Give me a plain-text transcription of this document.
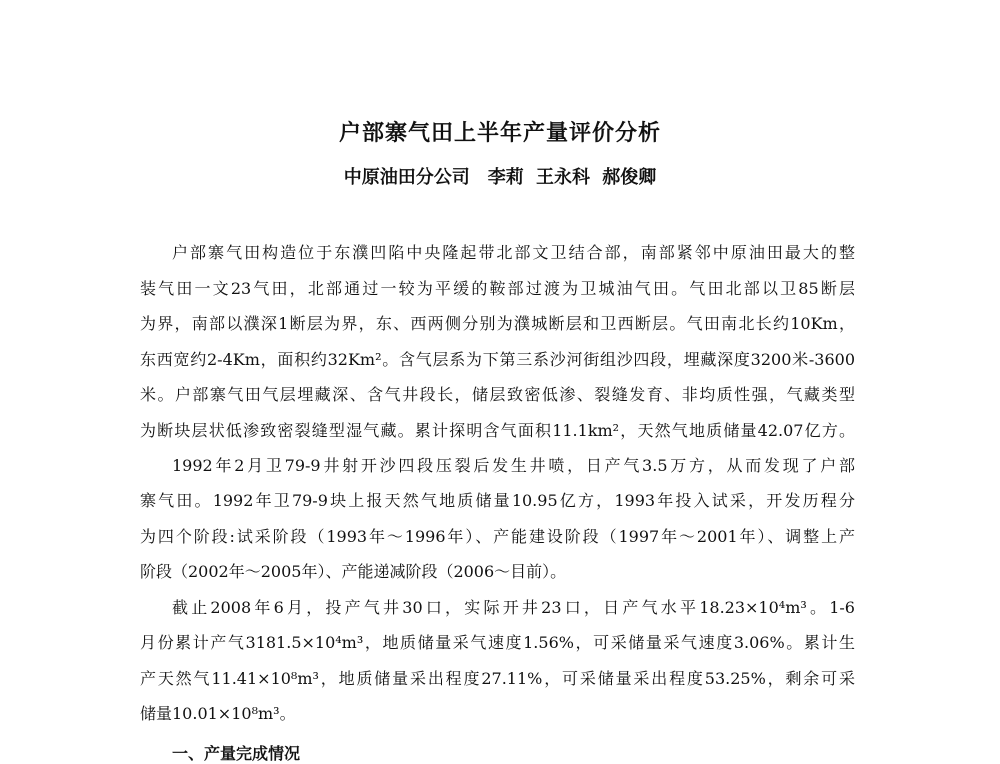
户部寨气田上半年产量评价分析
中原油田分公司　李莉 王永科 郝俊卿
户部寨气田构造位于东濮凹陷中央隆起带北部文卫结合部，南部紧邻中原油田最大的整
装气田一文23气田，北部通过一较为平缓的鞍部过渡为卫城油气田。气田北部以卫85断层
为界，南部以濮深1断层为界，东、西两侧分别为濮城断层和卫西断层。气田南北长约10Km，
东西宽约2-4Km，面积约32Km²。含气层系为下第三系沙河街组沙四段，埋藏深度3200米-3600
米。户部寨气田气层埋藏深、含气井段长，储层致密低渗、裂缝发育、非均质性强，气藏类型
为断块层状低渗致密裂缝型湿气藏。累计探明含气面积11.1km²，天然气地质储量42.07亿方。
1992年2月卫79-9井射开沙四段压裂后发生井喷，日产气3.5万方，从而发现了户部
寨气田。1992年卫79-9块上报天然气地质储量10.95亿方，1993年投入试采，开发历程分
为四个阶段:试采阶段（1993年～1996年）、产能建设阶段（1997年～2001年）、调整上产
阶段（2002年～2005年）、产能递减阶段（2006～目前）。
截止2008年6月，投产气井30口，实际开井23口，日产气水平18.23×10⁴m³。1-6
月份累计产气3181.5×10⁴m³，地质储量采气速度1.56%，可采储量采气速度3.06%。累计生
产天然气11.41×10⁸m³，地质储量采出程度27.11%，可采储量采出程度53.25%，剩余可采
储量10.01×10⁸m³。
一、产量完成情况
